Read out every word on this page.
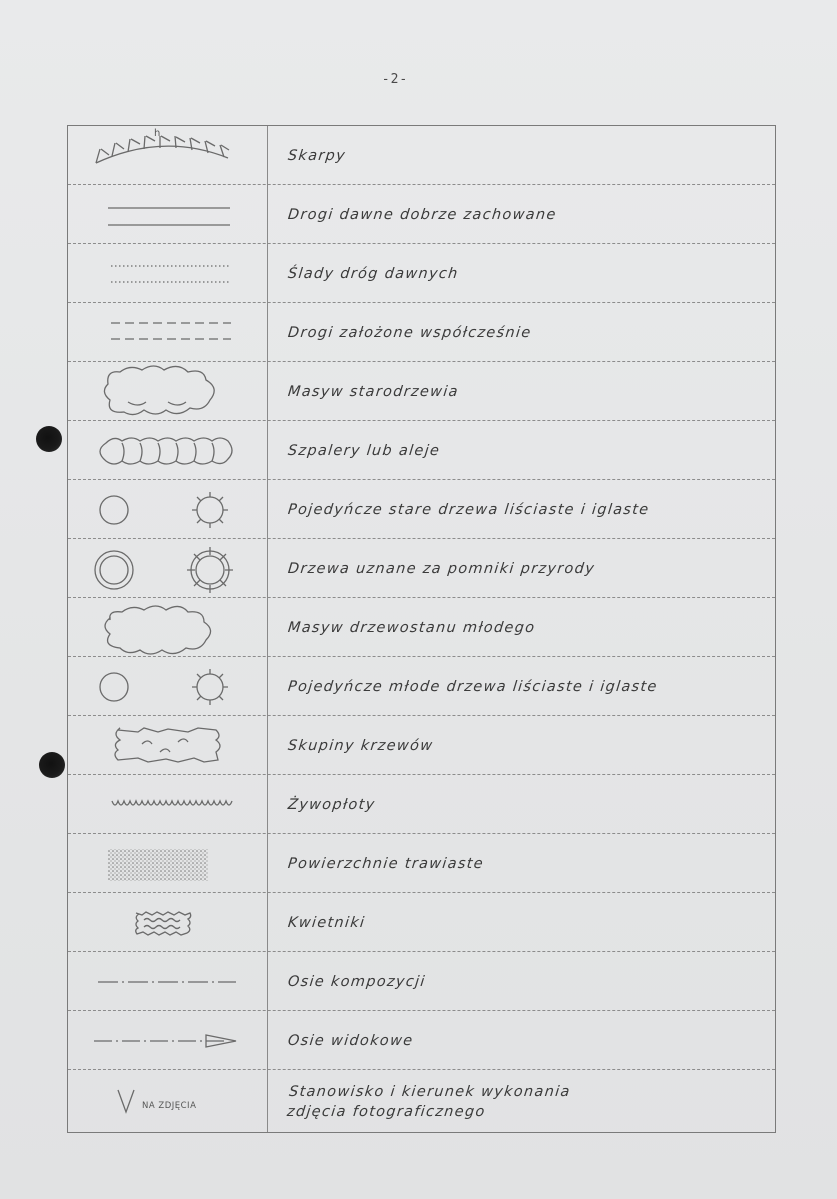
-2-
h
Skarpy
Drogi dawne dobrze zachowane
Ślady dróg dawnych
Drogi założone współcześnie
Masyw starodrzewia
Szpalery lub aleje
Pojedyńcze stare drzewa liściaste i iglaste
Drzewa uznane za pomniki przyrody
Masyw drzewostanu młodego
Pojedyńcze młode drzewa liściaste i iglaste
Skupiny krzewów
Żywopłoty
Powierzchnie trawiaste
Kwietniki
Osie kompozycji
Osie widokowe
NA ZDJĘCIA
Stanowisko i kierunek wykonania
zdjęcia fotograficznego
